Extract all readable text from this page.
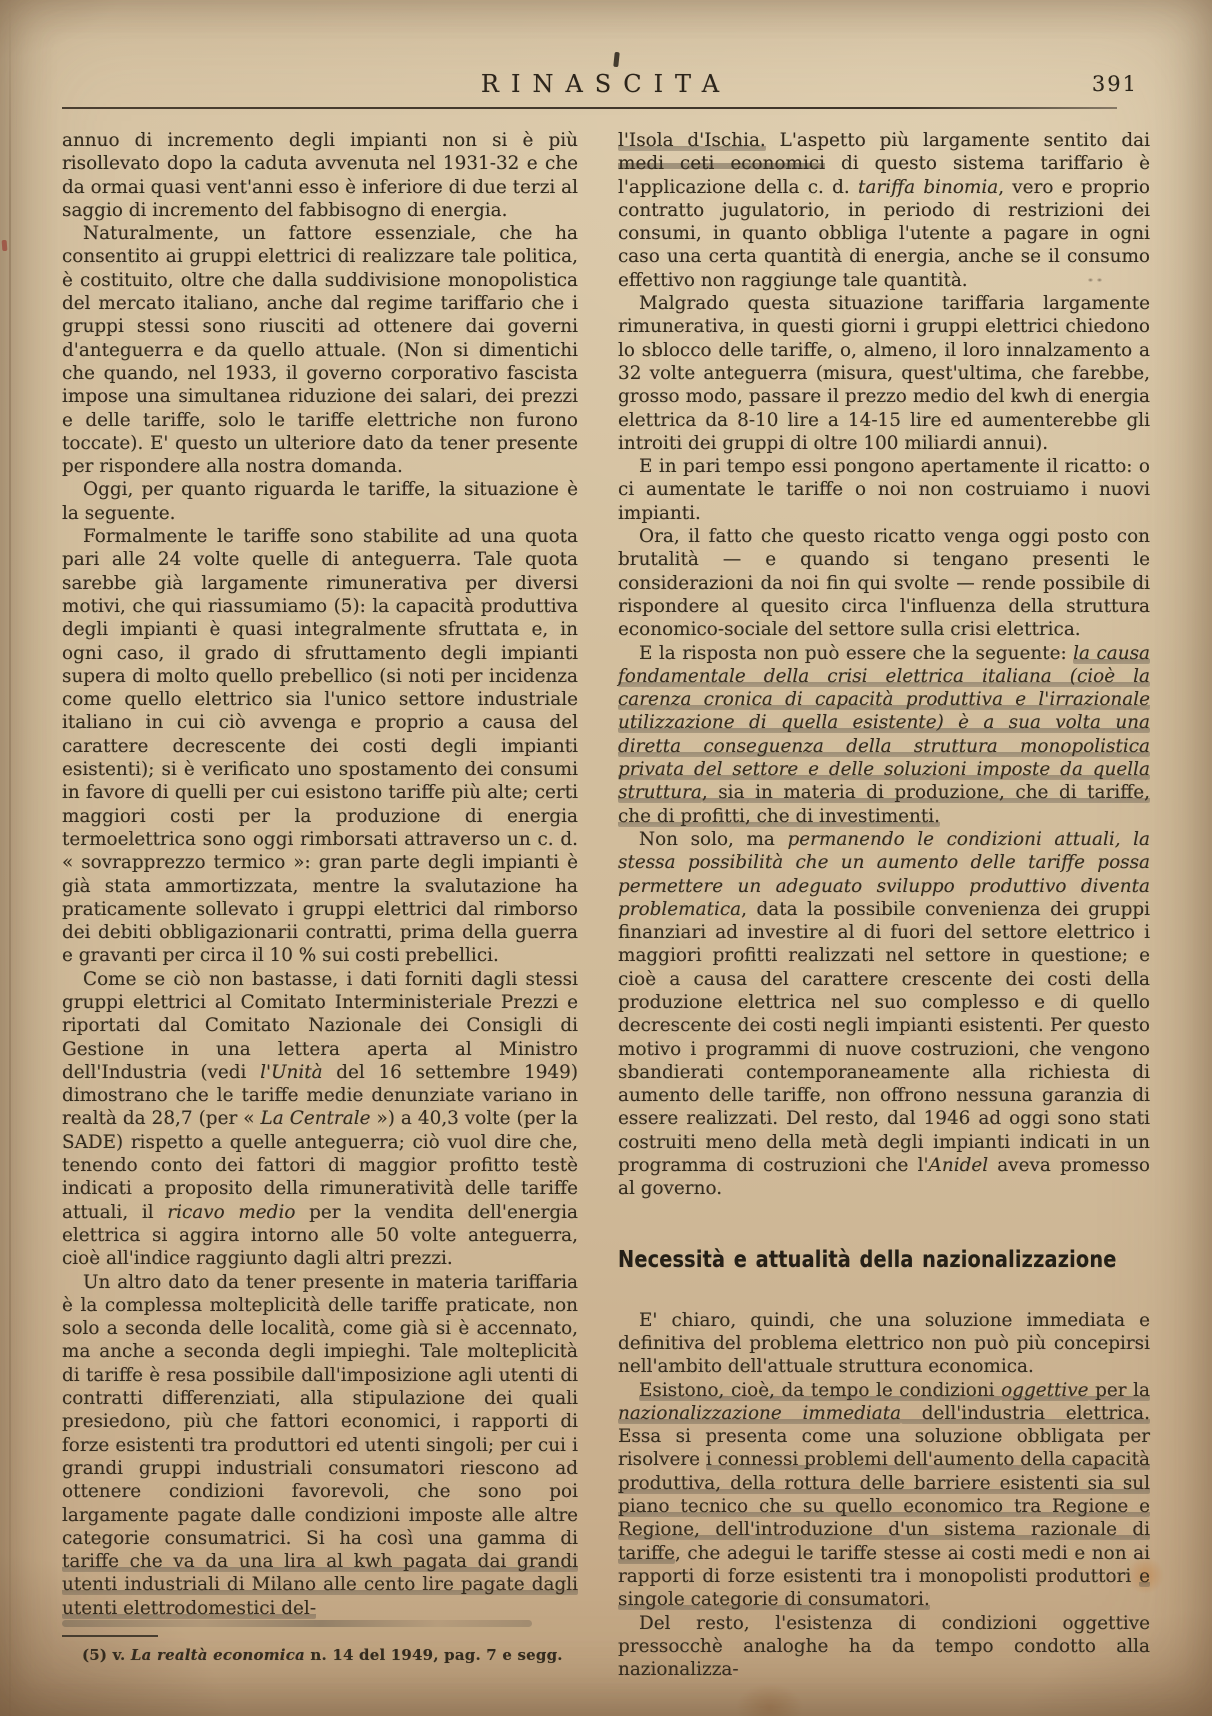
RINASCITA	391

annuo di incremento degli impianti non si è più risollevato dopo la caduta avvenuta nel 1931-32 e che da ormai quasi vent'anni esso è inferiore di due terzi al saggio di incremento del fabbisogno di energia.

Naturalmente, un fattore essenziale, che ha consentito ai gruppi elettrici di realizzare tale politica, è costituito, oltre che dalla suddivisione monopolistica del mercato italiano, anche dal regime tariffario che i gruppi stessi sono riusciti ad ottenere dai governi d'anteguerra e da quello attuale. (Non si dimentichi che quando, nel 1933, il governo corporativo fascista impose una simultanea riduzione dei salari, dei prezzi e delle tariffe, solo le tariffe elettriche non furono toccate). E' questo un ulteriore dato da tener presente per rispondere alla nostra domanda.

Oggi, per quanto riguarda le tariffe, la situazione è la seguente.

Formalmente le tariffe sono stabilite ad una quota pari alle 24 volte quelle di anteguerra. Tale quota sarebbe già largamente rimunerativa per diversi motivi, che qui riassumiamo (5): la capacità produttiva degli impianti è quasi integralmente sfruttata e, in ogni caso, il grado di sfruttamento degli impianti supera di molto quello prebellico (si noti per incidenza come quello elettrico sia l'unico settore industriale italiano in cui ciò avvenga e proprio a causa del carattere decrescente dei costi degli impianti esistenti); si è verificato uno spostamento dei consumi in favore di quelli per cui esistono tariffe più alte; certi maggiori costi per la produzione di energia termoelettrica sono oggi rimborsati attraverso un c. d. « sovrapprezzo termico »: gran parte degli impianti è già stata ammortizzata, mentre la svalutazione ha praticamente sollevato i gruppi elettrici dal rimborso dei debiti obbligazionarii contratti, prima della guerra e gravanti per circa il 10 % sui costi prebellici.

Come se ciò non bastasse, i dati forniti dagli stessi gruppi elettrici al Comitato Interministeriale Prezzi e riportati dal Comitato Nazionale dei Consigli di Gestione in una lettera aperta al Ministro dell'Industria (vedi l'Unità del 16 settembre 1949) dimostrano che le tariffe medie denunziate variano in realtà da 28,7 (per « La Centrale ») a 40,3 volte (per la SADE) rispetto a quelle anteguerra; ciò vuol dire che, tenendo conto dei fattori di maggior profitto testè indicati a proposito della rimuneratività delle tariffe attuali, il ricavo medio per la vendita dell'energia elettrica si aggira intorno alle 50 volte anteguerra, cioè all'indice raggiunto dagli altri prezzi.

Un altro dato da tener presente in materia tariffaria è la complessa molteplicità delle tariffe praticate, non solo a seconda delle località, come già si è accennato, ma anche a seconda degli impieghi. Tale molteplicità di tariffe è resa possibile dall'imposizione agli utenti di contratti differenziati, alla stipulazione dei quali presiedono, più che fattori economici, i rapporti di forze esistenti tra produttori ed utenti singoli; per cui i grandi gruppi industriali consumatori riescono ad ottenere condizioni favorevoli, che sono poi largamente pagate dalle condizioni imposte alle altre categorie consumatrici. Si ha così una gamma di tariffe che va da una lira al kwh pagata dai grandi utenti industriali di Milano alle cento lire pagate dagli utenti elettrodomestici del-

(5) v. La realtà economica n. 14 del 1949, pag. 7 e segg.

l'Isola d'Ischia. L'aspetto più largamente sentito dai medi ceti economici di questo sistema tariffario è l'applicazione della c. d. tariffa binomia, vero e proprio contratto jugulatorio, in periodo di restrizioni dei consumi, in quanto obbliga l'utente a pagare in ogni caso una certa quantità di energia, anche se il consumo effettivo non raggiunge tale quantità.

Malgrado questa situazione tariffaria largamente rimunerativa, in questi giorni i gruppi elettrici chiedono lo sblocco delle tariffe, o, almeno, il loro innalzamento a 32 volte anteguerra (misura, quest'ultima, che farebbe, grosso modo, passare il prezzo medio del kwh di energia elettrica da 8-10 lire a 14-15 lire ed aumenterebbe gli introiti dei gruppi di oltre 100 miliardi annui).

E in pari tempo essi pongono apertamente il ricatto: o ci aumentate le tariffe o noi non costruiamo i nuovi impianti.

Ora, il fatto che questo ricatto venga oggi posto con brutalità — e quando si tengano presenti le considerazioni da noi fin qui svolte — rende possibile di rispondere al quesito circa l'influenza della struttura economico-sociale del settore sulla crisi elettrica.

E la risposta non può essere che la seguente: la causa fondamentale della crisi elettrica italiana (cioè la carenza cronica di capacità produttiva e l'irrazionale utilizzazione di quella esistente) è a sua volta una diretta conseguenza della struttura monopolistica privata del settore e delle soluzioni imposte da quella struttura, sia in materia di produzione, che di tariffe, che di profitti, che di investimenti.

Non solo, ma permanendo le condizioni attuali, la stessa possibilità che un aumento delle tariffe possa permettere un adeguato sviluppo produttivo diventa problematica, data la possibile convenienza dei gruppi finanziari ad investire al di fuori del settore elettrico i maggiori profitti realizzati nel settore in questione; e cioè a causa del carattere crescente dei costi della produzione elettrica nel suo complesso e di quello decrescente dei costi negli impianti esistenti. Per questo motivo i programmi di nuove costruzioni, che vengono sbandierati contemporaneamente alla richiesta di aumento delle tariffe, non offrono nessuna garanzia di essere realizzati. Del resto, dal 1946 ad oggi sono stati costruiti meno della metà degli impianti indicati in un programma di costruzioni che l'Anidel aveva promesso al governo.

Necessità e attualità della nazionalizzazione

E' chiaro, quindi, che una soluzione immediata e definitiva del problema elettrico non può più concepirsi nell'ambito dell'attuale struttura economica.

Esistono, cioè, da tempo le condizioni oggettive per la nazionalizzazione immediata dell'industria elettrica. Essa si presenta come una soluzione obbligata per risolvere i connessi problemi dell'aumento della capacità produttiva, della rottura delle barriere esistenti sia sul piano tecnico che su quello economico tra Regione e Regione, dell'introduzione d'un sistema razionale di tariffe, che adegui le tariffe stesse ai costi medi e non ai rapporti di forze esistenti tra i monopolisti produttori e singole categorie di consumatori.

Del resto, l'esistenza di condizioni oggettive pressocchè analoghe ha da tempo condotto alla nazionalizza-
